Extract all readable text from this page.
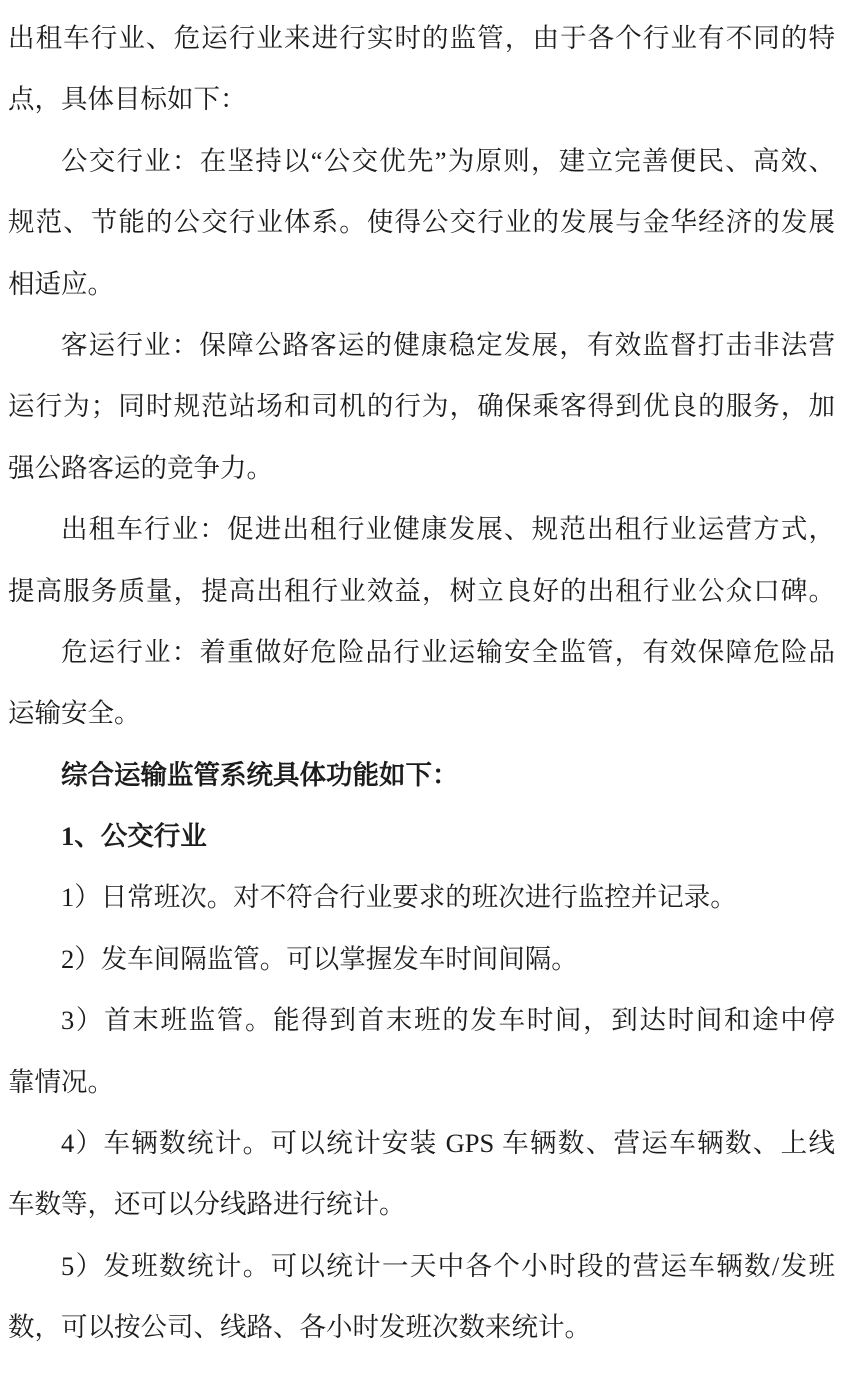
出租车行业、危运行业来进行实时的监管，由于各个行业有不同的特
点，具体目标如下：
公交行业：在坚持以“公交优先”为原则，建立完善便民、高效、
规范、节能的公交行业体系。使得公交行业的发展与金华经济的发展
相适应。
客运行业：保障公路客运的健康稳定发展，有效监督打击非法营
运行为；同时规范站场和司机的行为，确保乘客得到优良的服务，加
强公路客运的竞争力。
出租车行业：促进出租行业健康发展、规范出租行业运营方式，
提高服务质量，提高出租行业效益，树立良好的出租行业公众口碑。
危运行业：着重做好危险品行业运输安全监管，有效保障危险品
运输安全。
综合运输监管系统具体功能如下：
1、公交行业
1）日常班次。对不符合行业要求的班次进行监控并记录。
2）发车间隔监管。可以掌握发车时间间隔。
3）首末班监管。能得到首末班的发车时间，到达时间和途中停
靠情况。
4）车辆数统计。可以统计安装 GPS 车辆数、营运车辆数、上线
车数等，还可以分线路进行统计。
5）发班数统计。可以统计一天中各个小时段的营运车辆数/发班
数，可以按公司、线路、各小时发班次数来统计。
